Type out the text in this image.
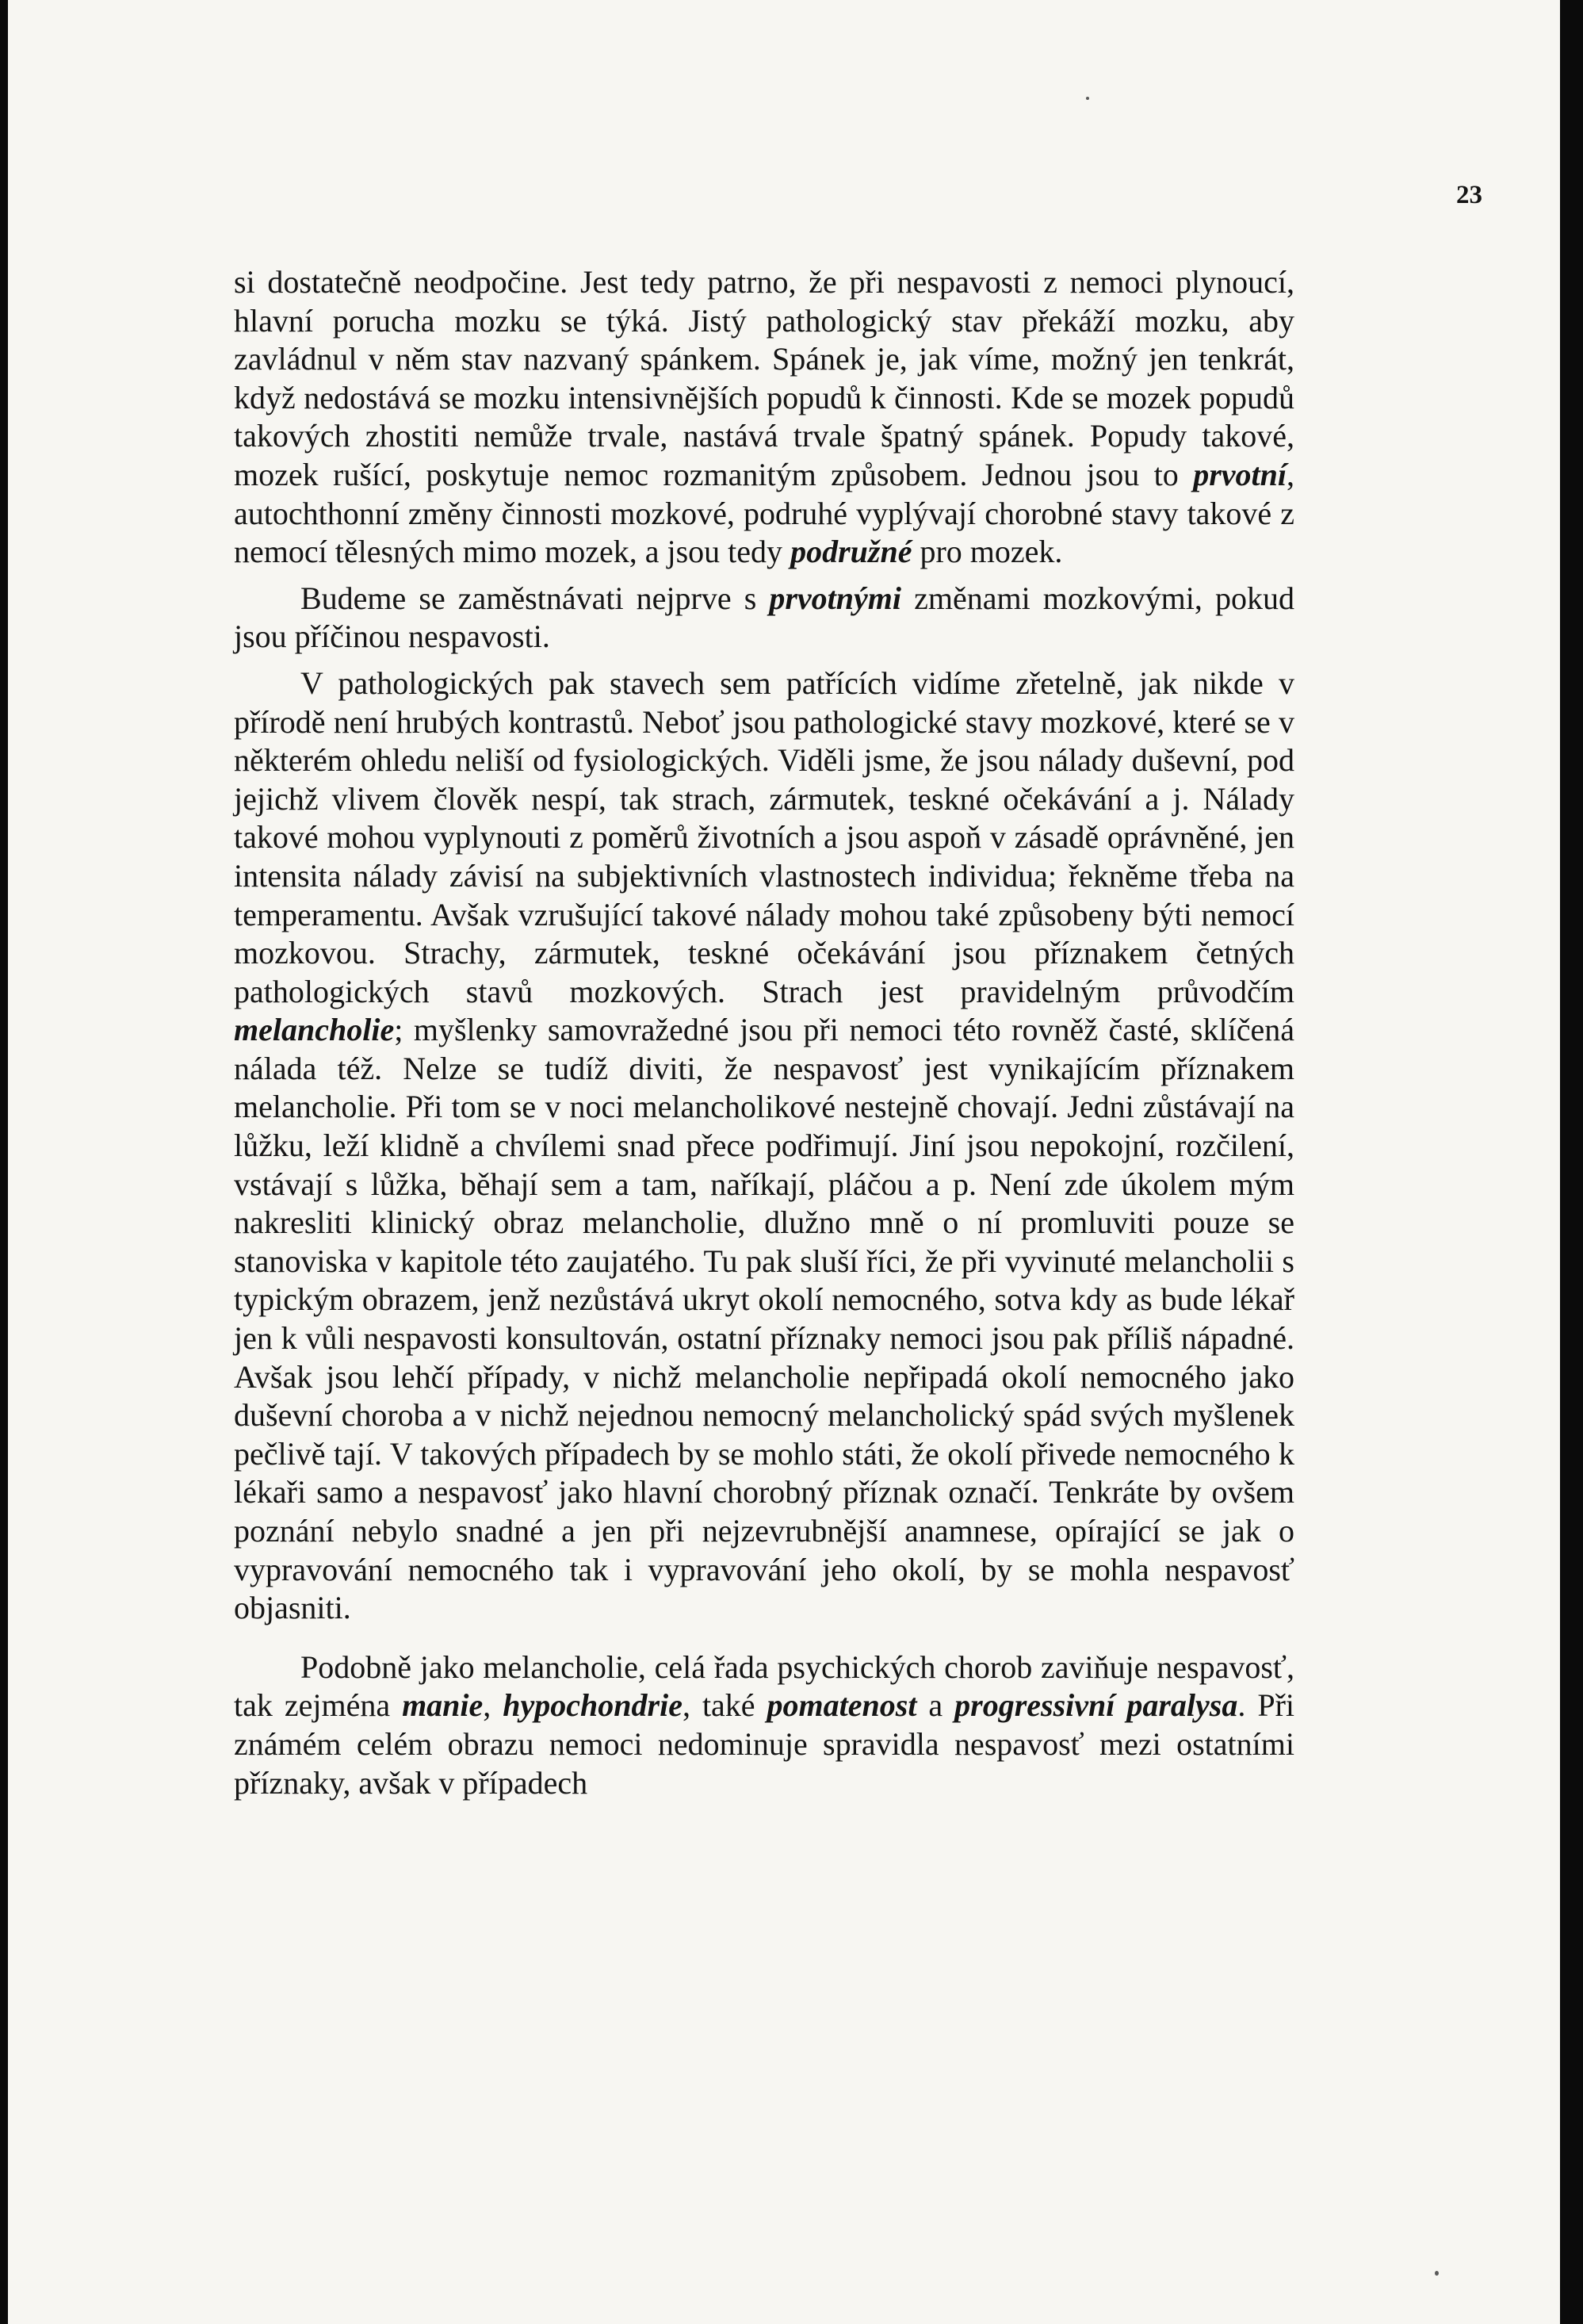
23

si dostatečně neodpočine. Jest tedy patrno, že při nespavosti z nemoci plynoucí, hlavní porucha mozku se týká. Jistý pathologický stav překáží mozku, aby zavládnul v něm stav nazvaný spánkem. Spánek je, jak víme, možný jen tenkrát, když nedostává se mozku intensivnějších popudů k činnosti. Kde se mozek popudů takových zhostiti nemůže trvale, nastává trvale špatný spánek. Popudy takové, mozek rušící, poskytuje nemoc rozmanitým způsobem. Jednou jsou to prvotní, autochthonní změny činnosti mozkové, podruhé vyplývají chorobné stavy takové z nemocí tělesných mimo mozek, a jsou tedy podružné pro mozek.

Budeme se zaměstnávati nejprve s prvotnými změnami mozkovými, pokud jsou příčinou nespavosti.

V pathologických pak stavech sem patřících vidíme zřetelně, jak nikde v přírodě není hrubých kontrastů. Neboť jsou pathologické stavy mozkové, které se v některém ohledu neliší od fysiologických. Viděli jsme, že jsou nálady duševní, pod jejichž vlivem člověk nespí, tak strach, zármutek, teskné očekávání a j. Nálady takové mohou vyplynouti z poměrů životních a jsou aspoň v zásadě oprávněné, jen intensita nálady závisí na subjektivních vlastnostech individua; řekněme třeba na temperamentu. Avšak vzrušující takové nálady mohou také způsobeny býti nemocí mozkovou. Strachy, zármutek, teskné očekávání jsou příznakem četných pathologických stavů mozkových. Strach jest pravidelným průvodčím melancholie; myšlenky samovražedné jsou při nemoci této rovněž časté, sklíčená nálada též. Nelze se tudíž diviti, že nespavosť jest vynikajícím příznakem melancholie. Při tom se v noci melancholikové nestejně chovají. Jedni zůstávají na lůžku, leží klidně a chvílemi snad přece podřimují. Jiní jsou nepokojní, rozčilení, vstávají s lůžka, běhají sem a tam, naříkají, pláčou a p. Není zde úkolem mým nakresliti klinický obraz melancholie, dlužno mně o ní promluviti pouze se stanoviska v kapitole této zaujatého. Tu pak sluší říci, že při vyvinuté melancholii s typickým obrazem, jenž nezůstává ukryt okolí nemocného, sotva kdy as bude lékař jen k vůli nespavosti konsultován, ostatní příznaky nemoci jsou pak příliš nápadné. Avšak jsou lehčí případy, v nichž melancholie nepřipadá okolí nemocného jako duševní choroba a v nichž nejednou nemocný melancholický spád svých myšlenek pečlivě tají. V takových případech by se mohlo státi, že okolí přivede nemocného k lékaři samo a nespavosť jako hlavní chorobný příznak označí. Tenkráte by ovšem poznání nebylo snadné a jen při nejzevrubnější anamnese, opírající se jak o vypravování nemocného tak i vypravování jeho okolí, by se mohla nespavosť objasniti.

Podobně jako melancholie, celá řada psychických chorob zaviňuje nespavosť, tak zejména manie, hypochondrie, také pomatenost a progressivní paralysa. Při známém celém obrazu nemoci nedominuje spravidla nespavosť mezi ostatními příznaky, avšak v případech
